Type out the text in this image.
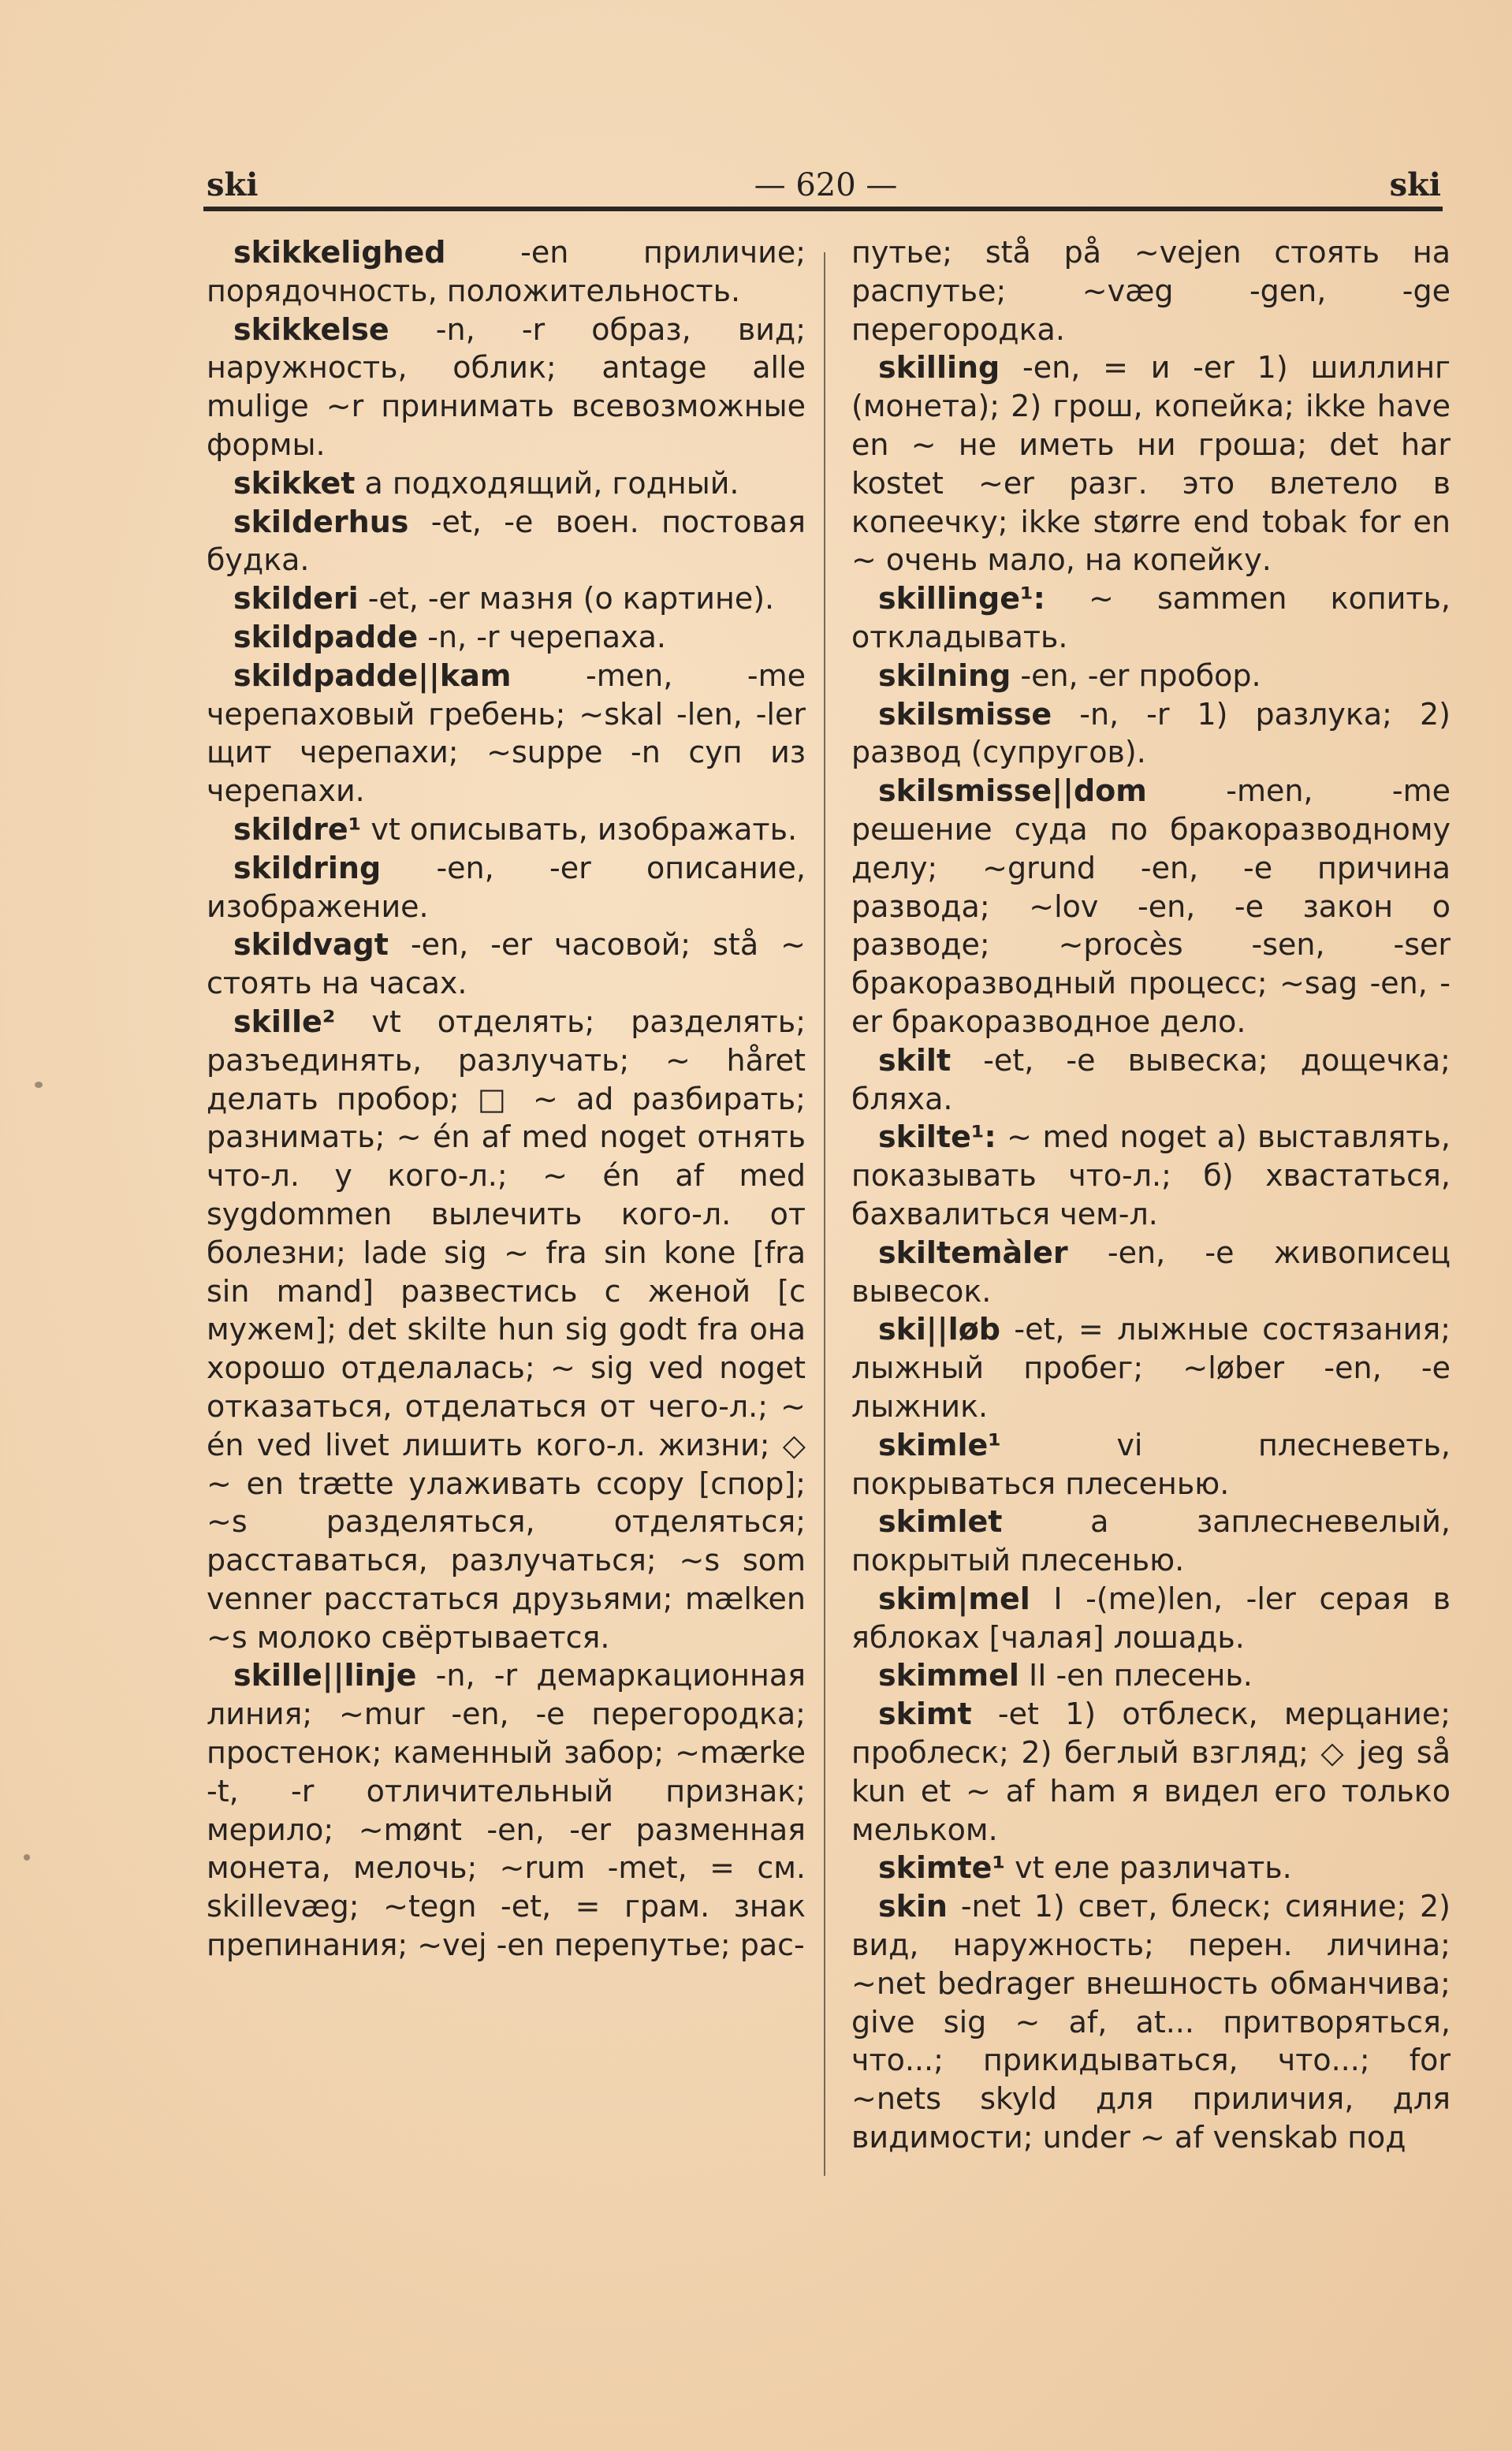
ski	— 620 —	ski

skikkelighed -en приличие; порядочность, положительность.

skikkelse -n, -r образ, вид; наружность, облик; antage alle mulige ~r принимать всевозможные формы.

skikket a подходящий, годный.

skilderhus -et, -e воен. постовая будка.

skilderi -et, -er мазня (о картине).

skildpadde -n, -r черепаха.

skildpadde||kam -men, -me черепаховый гребень; ~skal -len, -ler щит черепахи; ~suppe -n суп из черепахи.

skildre¹ vt описывать, изображать.

skildring -en, -er описание, изображение.

skildvagt -en, -er часовой; stå ~ стоять на часах.

skille² vt отделять; разделять; разъединять, разлучать; ~ håret делать пробор; □ ~ ad разбирать; разнимать; ~ én af med noget отнять что-л. у кого-л.; ~ én af med sygdommen вылечить кого-л. от болезни; lade sig ~ fra sin kone [fra sin mand] развестись с женой [с мужем]; det skilte hun sig godt fra она хорошо отделалась; ~ sig ved noget отказаться, отделаться от чего-л.; ~ én ved livet лишить кого-л. жизни; ◇ ~ en trætte улаживать ссору [спор]; ~s разделяться, отделяться; расставаться, разлучаться; ~s som venner расстаться друзьями; mælken ~s молоко свёртывается.

skille||linje -n, -r демаркационная линия; ~mur -en, -e перегородка; простенок; каменный забор; ~mærke -t, -r отличительный признак; мерило; ~mønt -en, -er разменная монета, мелочь; ~rum -met, = см. skillevæg; ~tegn -et, = грам. знак препинания; ~vej -en перепутье; рас-

путье; stå på ~vejen стоять на распутье; ~væg -gen, -ge перегородка.

skilling -en, = и -er 1) шиллинг (монета); 2) грош, копейка; ikke have en ~ не иметь ни гроша; det har kostet ~er разг. это влетело в копеечку; ikke større end tobak for en ~ очень мало, на копейку.

skillinge¹: ~ sammen копить, откладывать.

skilning -en, -er пробор.

skilsmisse -n, -r 1) разлука; 2) развод (супругов).

skilsmisse||dom -men, -me решение суда по бракоразводному делу; ~grund -en, -e причина развода; ~lov -en, -e закон о разводе; ~procès -sen, -ser бракоразводный процесс; ~sag -en, -er бракоразводное дело.

skilt -et, -e вывеска; дощечка; бляха.

skilte¹: ~ med noget а) выставлять, показывать что-л.; б) хвастаться, бахвалиться чем-л.

skiltemàler -en, -e живописец вывесок.

ski||løb -et, = лыжные состязания; лыжный пробег; ~løber -en, -e лыжник.

skimle¹ vi плесневеть, покрываться плесенью.

skimlet a заплесневелый, покрытый плесенью.

skim|mel I -(me)len, -ler серая в яблоках [чалая] лошадь.

skimmel II -en плесень.

skimt -et 1) отблеск, мерцание; проблеск; 2) беглый взгляд; ◇ jeg så kun et ~ af ham я видел его только мельком.

skimte¹ vt еле различать.

skin -net 1) свет, блеск; сияние; 2) вид, наружность; перен. личина; ~net bedrager внешность обманчива; give sig ~ af, at... притворяться, что...; прикидываться, что...; for ~nets skyld для приличия, для видимости; under ~ af venskab под
